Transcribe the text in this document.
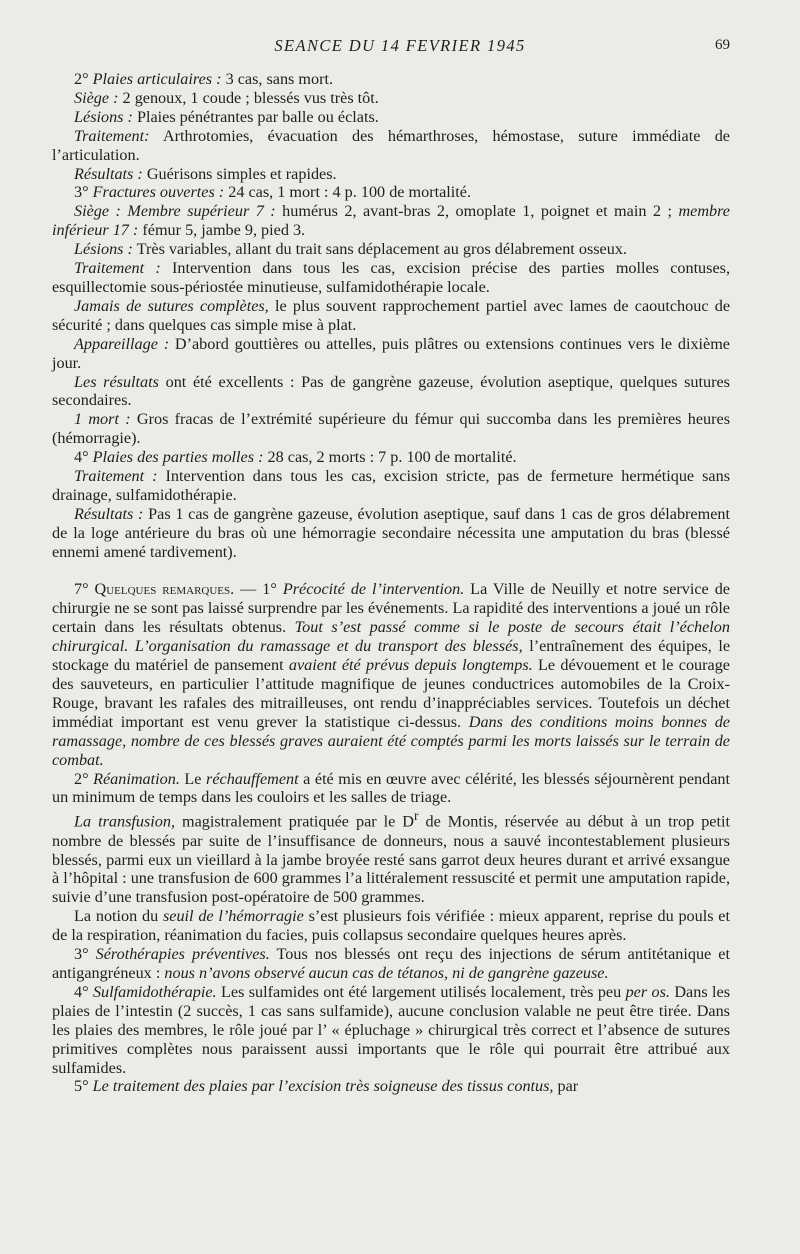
SEANCE DU 14 FEVRIER 1945	69

2° Plaies articulaires : 3 cas, sans mort.

Siège : 2 genoux, 1 coude ; blessés vus très tôt.

Lésions : Plaies pénétrantes par balle ou éclats.

Traitement: Arthrotomies, évacuation des hémarthroses, hémostase, suture immédiate de l’articulation.

Résultats : Guérisons simples et rapides.

3° Fractures ouvertes : 24 cas, 1 mort : 4 p. 100 de mortalité.

Siège : Membre supérieur 7 : humérus 2, avant-bras 2, omoplate 1, poignet et main 2 ; membre inférieur 17 : fémur 5, jambe 9, pied 3.

Lésions : Très variables, allant du trait sans déplacement au gros délabrement osseux.

Traitement : Intervention dans tous les cas, excision précise des parties molles contuses, esquillectomie sous-périostée minutieuse, sulfamidothérapie locale.

Jamais de sutures complètes, le plus souvent rapprochement partiel avec lames de caoutchouc de sécurité ; dans quelques cas simple mise à plat.

Appareillage : D’abord gouttières ou attelles, puis plâtres ou extensions continues vers le dixième jour.

Les résultats ont été excellents : Pas de gangrène gazeuse, évolution aseptique, quelques sutures secondaires.

1 mort : Gros fracas de l’extrémité supérieure du fémur qui succomba dans les premières heures (hémorragie).

4° Plaies des parties molles : 28 cas, 2 morts : 7 p. 100 de mortalité.

Traitement : Intervention dans tous les cas, excision stricte, pas de fermeture hermétique sans drainage, sulfamidothérapie.

Résultats : Pas 1 cas de gangrène gazeuse, évolution aseptique, sauf dans 1 cas de gros délabrement de la loge antérieure du bras où une hémorragie secondaire nécessita une amputation du bras (blessé ennemi amené tardivement).

7° Quelques remarques. — 1° Précocité de l’intervention. La Ville de Neuilly et notre service de chirurgie ne se sont pas laissé surprendre par les événements. La rapidité des interventions a joué un rôle certain dans les résultats obtenus. Tout s’est passé comme si le poste de secours était l’échelon chirurgical. L’organisation du ramassage et du transport des blessés, l’entraînement des équipes, le stockage du matériel de pansement avaient été prévus depuis longtemps. Le dévouement et le courage des sauveteurs, en particulier l’attitude magnifique de jeunes conductrices automobiles de la Croix-Rouge, bravant les rafales des mitrailleuses, ont rendu d’inappréciables services. Toutefois un déchet immédiat important est venu grever la statistique ci-dessus. Dans des conditions moins bonnes de ramassage, nombre de ces blessés graves auraient été comptés parmi les morts laissés sur le terrain de combat.

2° Réanimation. Le réchauffement a été mis en œuvre avec célérité, les blessés séjournèrent pendant un minimum de temps dans les couloirs et les salles de triage.

La transfusion, magistralement pratiquée par le $D^r$ de Montis, réservée au début à un trop petit nombre de blessés par suite de l’insuffisance de donneurs, nous a sauvé incontestablement plusieurs blessés, parmi eux un vieillard à la jambe broyée resté sans garrot deux heures durant et arrivé exsangue à l’hôpital : une transfusion de 600 grammes l’a littéralement ressuscité et permit une amputation rapide, suivie d’une transfusion post-opératoire de 500 grammes.

La notion du seuil de l’hémorragie s’est plusieurs fois vérifiée : mieux apparent, reprise du pouls et de la respiration, réanimation du facies, puis collapsus secondaire quelques heures après.

3° Sérothérapies préventives. Tous nos blessés ont reçu des injections de sérum antitétanique et antigangréneux : nous n’avons observé aucun cas de tétanos, ni de gangrène gazeuse.

4° Sulfamidothérapie. Les sulfamides ont été largement utilisés localement, très peu per os. Dans les plaies de l’intestin (2 succès, 1 cas sans sulfamide), aucune conclusion valable ne peut être tirée. Dans les plaies des membres, le rôle joué par l’ « épluchage » chirurgical très correct et l’absence de sutures primitives complètes nous paraissent aussi importants que le rôle qui pourrait être attribué aux sulfamides.

5° Le traitement des plaies par l’excision très soigneuse des tissus contus, par
